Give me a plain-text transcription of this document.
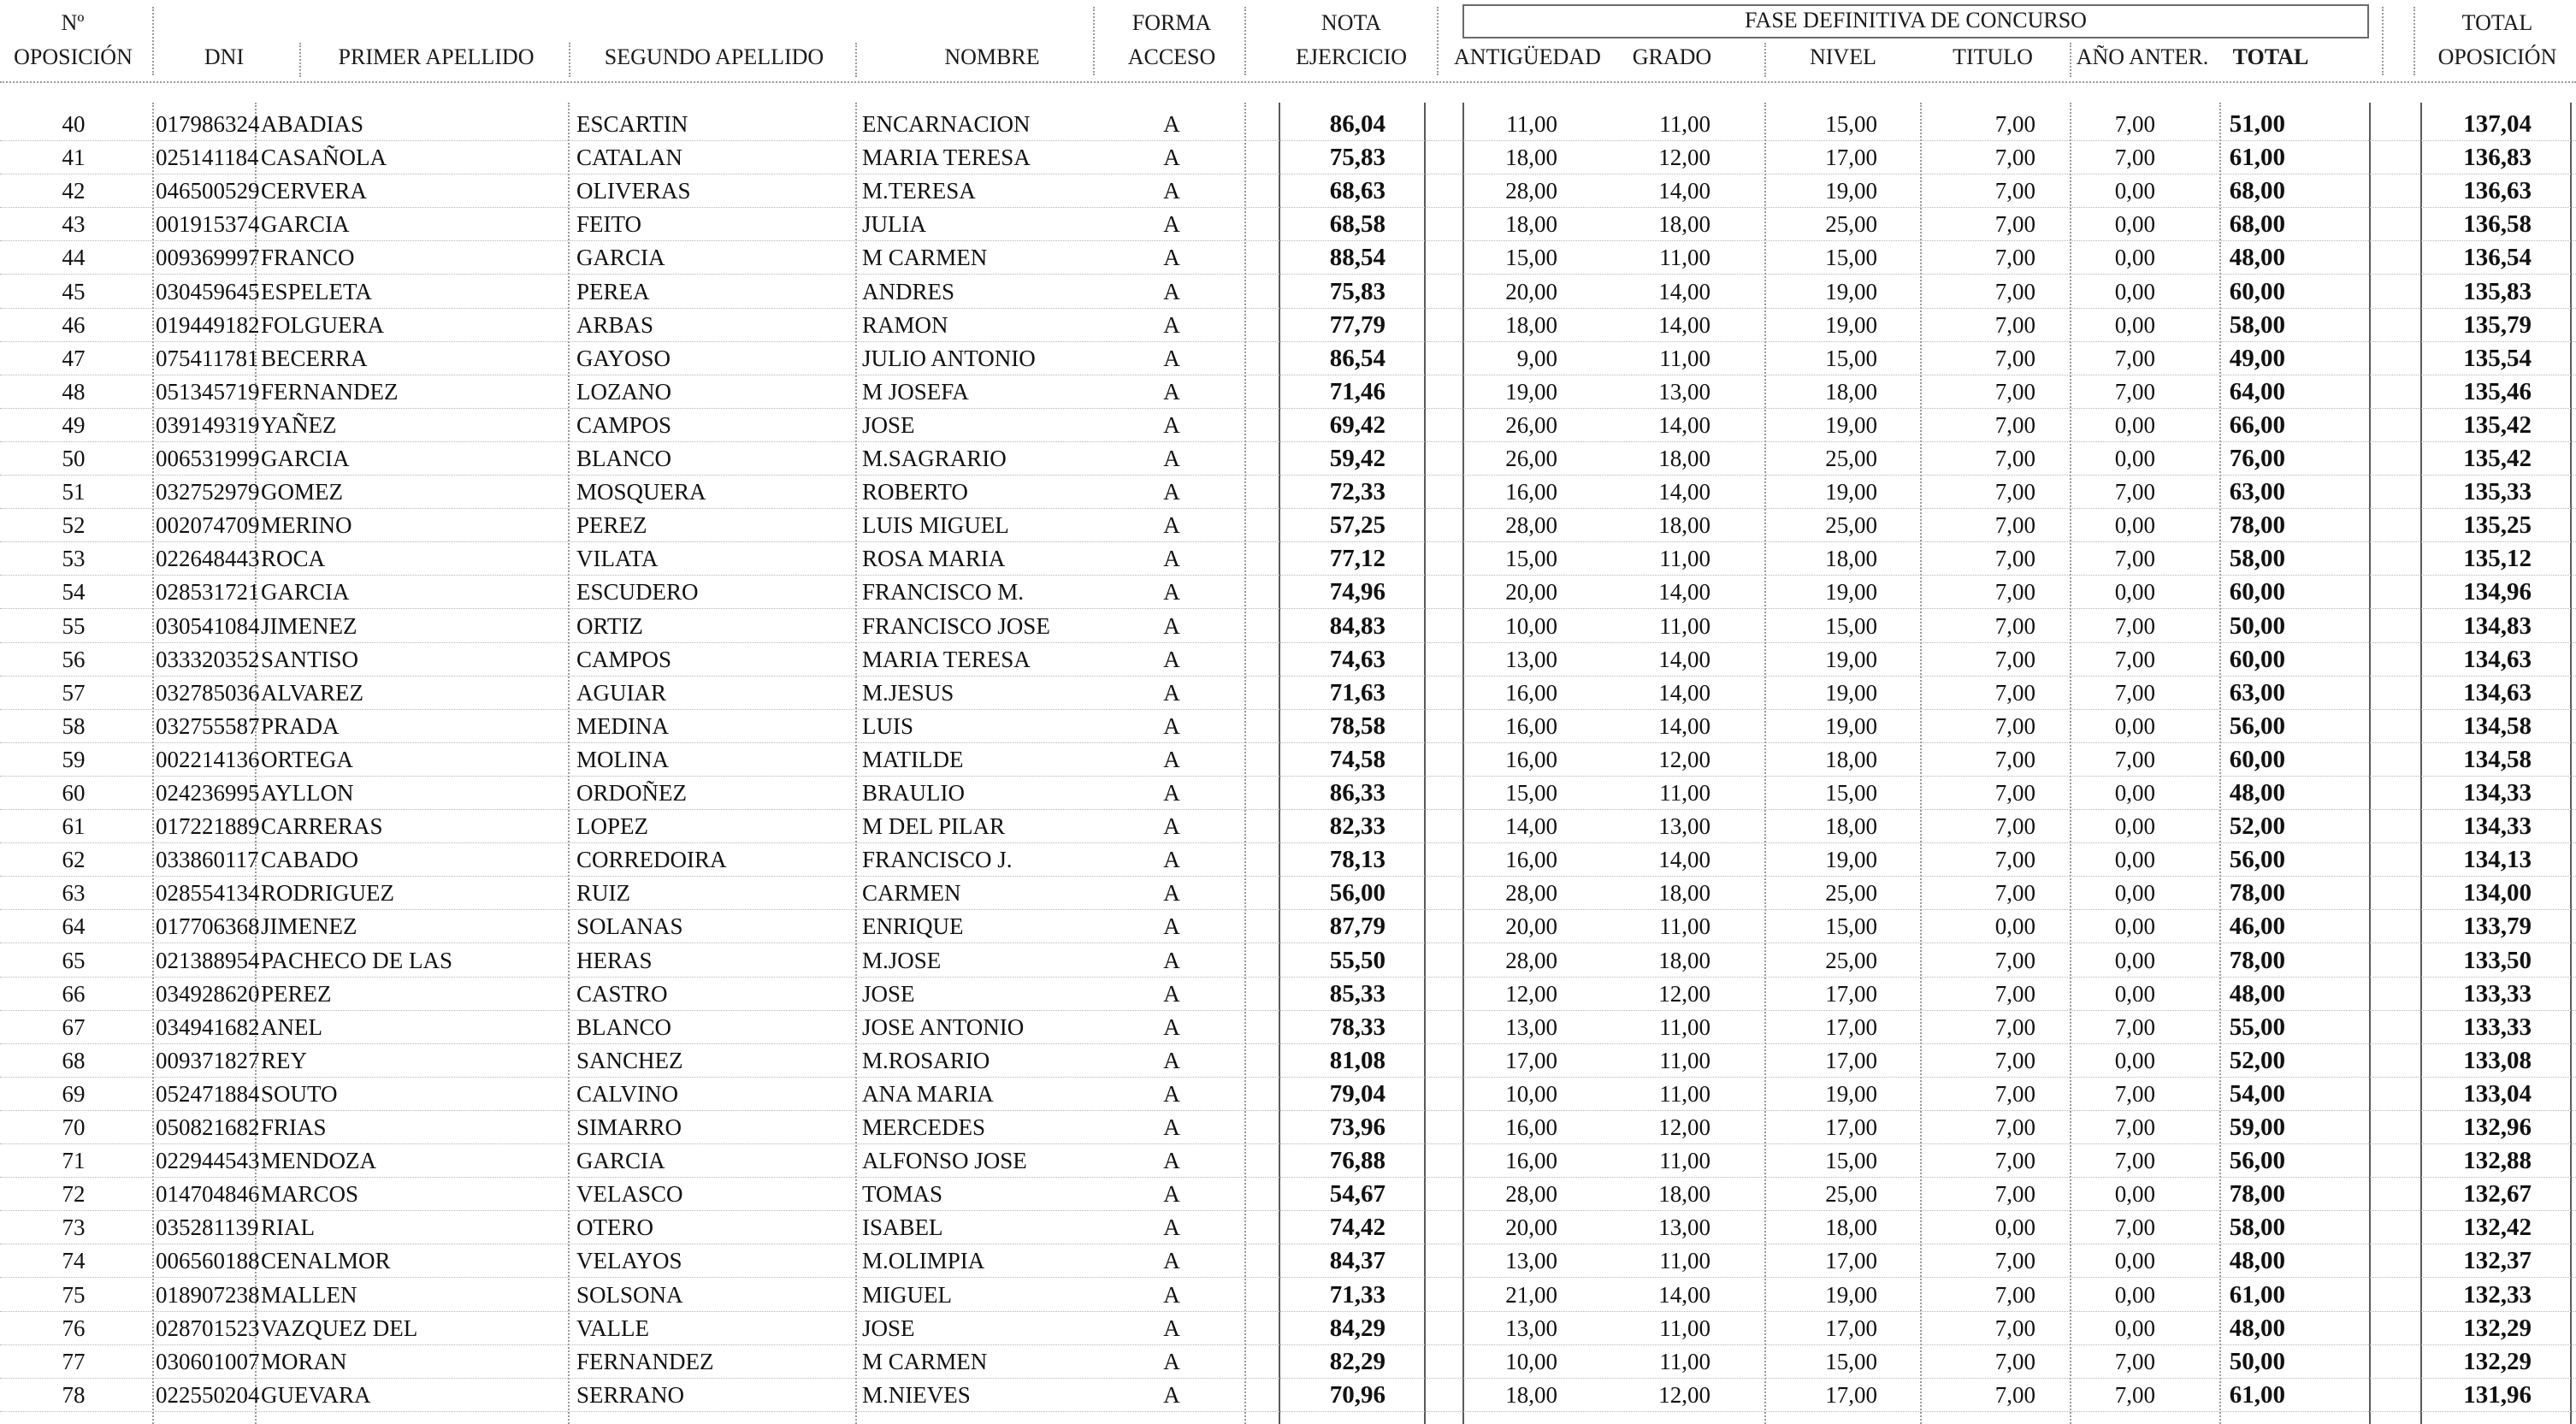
Nº
OPOSICIÓN	DNI	PRIMER APELLIDO	SEGUNDO APELLIDO	NOMBRE
FORMA
ACCESO
NOTA
EJERCICIO
FASE DEFINITIVA DE CONCURSO
ANTIGÜEDAD	GRADO	NIVEL	TITULO	AÑO ANTER.	TOTAL
TOTAL
OPOSICIÓN
40	017986324 ABADIAS	ESCARTIN	ENCARNACION	A	86,04	11,00	11,00	15,00	7,00	7,00	51,00	137,04
41	025141184 CASAÑOLA	CATALAN	MARIA TERESA	A	75,83	18,00	12,00	17,00	7,00	7,00	61,00	136,83
42	046500529 CERVERA	OLIVERAS	M.TERESA	A	68,63	28,00	14,00	19,00	7,00	0,00	68,00	136,63
43	001915374 GARCIA	FEITO	JULIA	A	68,58	18,00	18,00	25,00	7,00	0,00	68,00	136,58
44	009369997 FRANCO	GARCIA	M CARMEN	A	88,54	15,00	11,00	15,00	7,00	0,00	48,00	136,54
45	030459645 ESPELETA	PEREA	ANDRES	A	75,83	20,00	14,00	19,00	7,00	0,00	60,00	135,83
46	019449182 FOLGUERA	ARBAS	RAMON	A	77,79	18,00	14,00	19,00	7,00	0,00	58,00	135,79
47	075411781 BECERRA	GAYOSO	JULIO ANTONIO	A	86,54	9,00	11,00	15,00	7,00	7,00	49,00	135,54
48	051345719 FERNANDEZ	LOZANO	M JOSEFA	A	71,46	19,00	13,00	18,00	7,00	7,00	64,00	135,46
49	039149319 YAÑEZ	CAMPOS	JOSE	A	69,42	26,00	14,00	19,00	7,00	0,00	66,00	135,42
50	006531999 GARCIA	BLANCO	M.SAGRARIO	A	59,42	26,00	18,00	25,00	7,00	0,00	76,00	135,42
51	032752979 GOMEZ	MOSQUERA	ROBERTO	A	72,33	16,00	14,00	19,00	7,00	7,00	63,00	135,33
52	002074709 MERINO	PEREZ	LUIS MIGUEL	A	57,25	28,00	18,00	25,00	7,00	0,00	78,00	135,25
53	022648443 ROCA	VILATA	ROSA MARIA	A	77,12	15,00	11,00	18,00	7,00	7,00	58,00	135,12
54	028531721 GARCIA	ESCUDERO	FRANCISCO M.	A	74,96	20,00	14,00	19,00	7,00	0,00	60,00	134,96
55	030541084 JIMENEZ	ORTIZ	FRANCISCO JOSE	A	84,83	10,00	11,00	15,00	7,00	7,00	50,00	134,83
56	033320352 SANTISO	CAMPOS	MARIA TERESA	A	74,63	13,00	14,00	19,00	7,00	7,00	60,00	134,63
57	032785036 ALVAREZ	AGUIAR	M.JESUS	A	71,63	16,00	14,00	19,00	7,00	7,00	63,00	134,63
58	032755587 PRADA	MEDINA	LUIS	A	78,58	16,00	14,00	19,00	7,00	0,00	56,00	134,58
59	002214136 ORTEGA	MOLINA	MATILDE	A	74,58	16,00	12,00	18,00	7,00	7,00	60,00	134,58
60	024236995 AYLLON	ORDOÑEZ	BRAULIO	A	86,33	15,00	11,00	15,00	7,00	0,00	48,00	134,33
61	017221889 CARRERAS	LOPEZ	M DEL PILAR	A	82,33	14,00	13,00	18,00	7,00	0,00	52,00	134,33
62	033860117 CABADO	CORREDOIRA	FRANCISCO J.	A	78,13	16,00	14,00	19,00	7,00	0,00	56,00	134,13
63	028554134 RODRIGUEZ	RUIZ	CARMEN	A	56,00	28,00	18,00	25,00	7,00	0,00	78,00	134,00
64	017706368 JIMENEZ	SOLANAS	ENRIQUE	A	87,79	20,00	11,00	15,00	0,00	0,00	46,00	133,79
65	021388954 PACHECO DE LAS	HERAS	M.JOSE	A	55,50	28,00	18,00	25,00	7,00	0,00	78,00	133,50
66	034928620 PEREZ	CASTRO	JOSE	A	85,33	12,00	12,00	17,00	7,00	0,00	48,00	133,33
67	034941682 ANEL	BLANCO	JOSE ANTONIO	A	78,33	13,00	11,00	17,00	7,00	7,00	55,00	133,33
68	009371827 REY	SANCHEZ	M.ROSARIO	A	81,08	17,00	11,00	17,00	7,00	0,00	52,00	133,08
69	052471884 SOUTO	CALVINO	ANA MARIA	A	79,04	10,00	11,00	19,00	7,00	7,00	54,00	133,04
70	050821682 FRIAS	SIMARRO	MERCEDES	A	73,96	16,00	12,00	17,00	7,00	7,00	59,00	132,96
71	022944543 MENDOZA	GARCIA	ALFONSO JOSE	A	76,88	16,00	11,00	15,00	7,00	7,00	56,00	132,88
72	014704846 MARCOS	VELASCO	TOMAS	A	54,67	28,00	18,00	25,00	7,00	0,00	78,00	132,67
73	035281139 RIAL	OTERO	ISABEL	A	74,42	20,00	13,00	18,00	0,00	7,00	58,00	132,42
74	006560188 CENALMOR	VELAYOS	M.OLIMPIA	A	84,37	13,00	11,00	17,00	7,00	0,00	48,00	132,37
75	018907238 MALLEN	SOLSONA	MIGUEL	A	71,33	21,00	14,00	19,00	7,00	0,00	61,00	132,33
76	028701523 VAZQUEZ DEL	VALLE	JOSE	A	84,29	13,00	11,00	17,00	7,00	0,00	48,00	132,29
77	030601007 MORAN	FERNANDEZ	M CARMEN	A	82,29	10,00	11,00	15,00	7,00	7,00	50,00	132,29
78	022550204 GUEVARA	SERRANO	M.NIEVES	A	70,96	18,00	12,00	17,00	7,00	7,00	61,00	131,96
